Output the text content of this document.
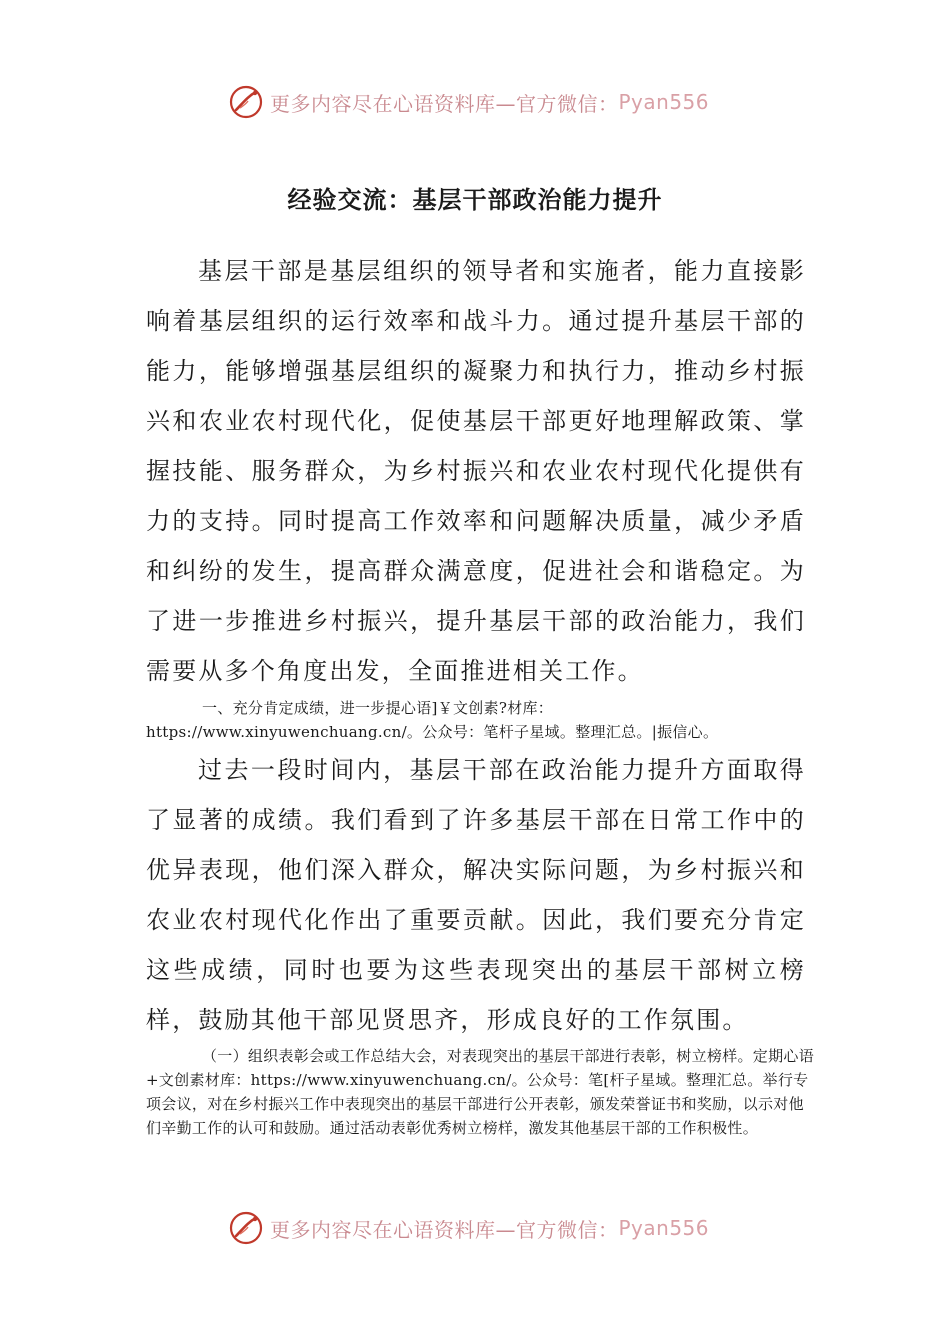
更多内容尽在心语资料库—官方微信： Pyan556
经验交流：基层干部政治能力提升
基层干部是基层组织的领导者和实施者，能力直接影响着基层组织的运行效率和战斗力。通过提升基层干部的能力，能够增强基层组织的凝聚力和执行力，推动乡村振兴和农业农村现代化，促使基层干部更好地理解政策、掌握技能、服务群众，为乡村振兴和农业农村现代化提供有力的支持。同时提高工作效率和问题解决质量，减少矛盾和纠纷的发生，提高群众满意度，促进社会和谐稳定。为了进一步推进乡村振兴，提升基层干部的政治能力，我们需要从多个角度出发，全面推进相关工作。
一、充分肯定成绩，进一步提心语]￥文创素?材库：https://www.xinyuwenchuang.cn/。公众号：笔杆子星域。整理汇总。|振信心。
过去一段时间内，基层干部在政治能力提升方面取得了显著的成绩。我们看到了许多基层干部在日常工作中的优异表现，他们深入群众，解决实际问题，为乡村振兴和农业农村现代化作出了重要贡献。因此，我们要充分肯定这些成绩，同时也要为这些表现突出的基层干部树立榜样，鼓励其他干部见贤思齐，形成良好的工作氛围。
（一）组织表彰会或工作总结大会，对表现突出的基层干部进行表彰，树立榜样。定期心语+文创素材库：https://www.xinyuwenchuang.cn/。公众号：笔[杆子星域。整理汇总。举行专项会议，对在乡村振兴工作中表现突出的基层干部进行公开表彰，颁发荣誉证书和奖励，以示对他们辛勤工作的认可和鼓励。通过活动表彰优秀树立榜样，激发其他基层干部的工作积极性。
更多内容尽在心语资料库—官方微信： Pyan556
